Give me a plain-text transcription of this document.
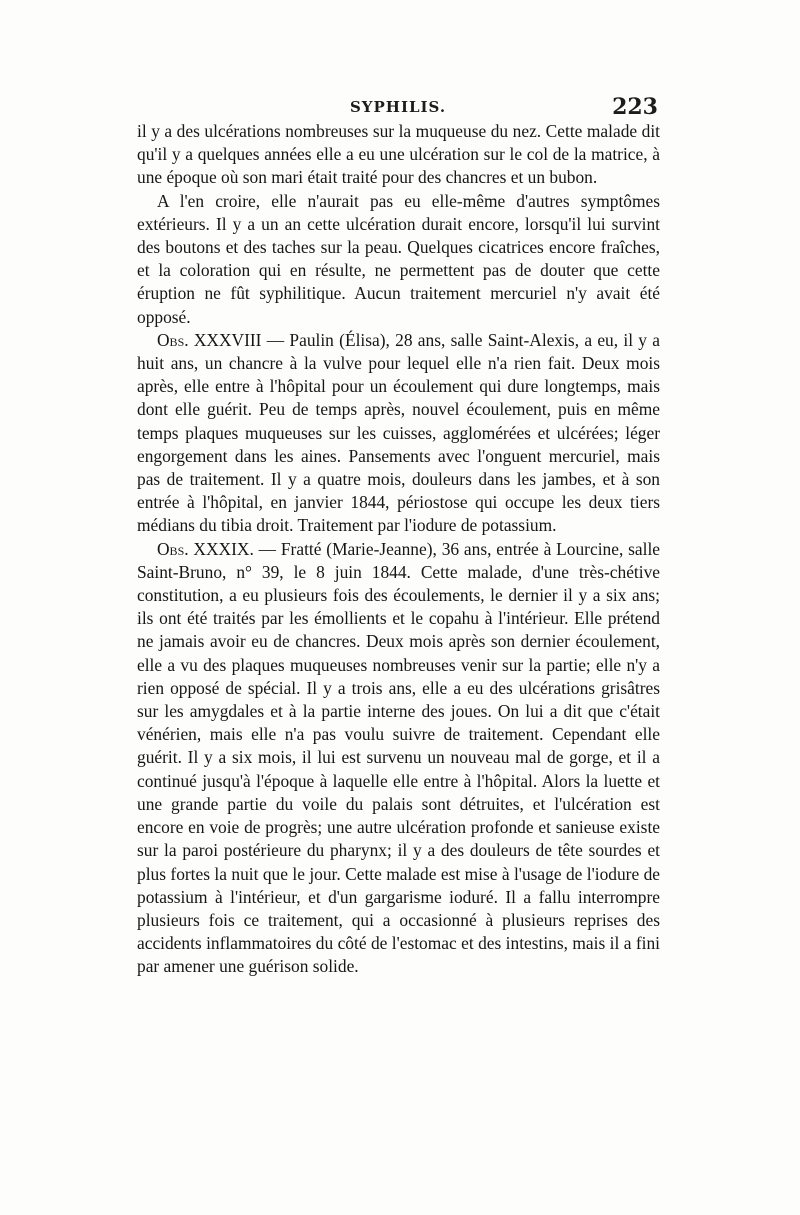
SYPHILIS.	223

il y a des ulcérations nombreuses sur la muqueuse du nez. Cette malade dit qu'il y a quelques années elle a eu une ulcération sur le col de la matrice, à une époque où son mari était traité pour des chancres et un bubon.

A l'en croire, elle n'aurait pas eu elle-même d'autres symptômes extérieurs. Il y a un an cette ulcération durait encore, lorsqu'il lui survint des boutons et des taches sur la peau. Quelques cicatrices encore fraîches, et la coloration qui en résulte, ne permettent pas de douter que cette éruption ne fût syphilitique. Aucun traitement mercuriel n'y avait été opposé.

Obs. XXXVIII — Paulin (Élisa), 28 ans, salle Saint-Alexis, a eu, il y a huit ans, un chancre à la vulve pour lequel elle n'a rien fait. Deux mois après, elle entre à l'hôpital pour un écoulement qui dure longtemps, mais dont elle guérit. Peu de temps après, nouvel écoulement, puis en même temps plaques muqueuses sur les cuisses, agglomérées et ulcérées; léger engorgement dans les aines. Pansements avec l'onguent mercuriel, mais pas de traitement. Il y a quatre mois, douleurs dans les jambes, et à son entrée à l'hôpital, en janvier 1844, périostose qui occupe les deux tiers médians du tibia droit. Traitement par l'iodure de potassium.

Obs. XXXIX. — Fratté (Marie-Jeanne), 36 ans, entrée à Lourcine, salle Saint-Bruno, n° 39, le 8 juin 1844. Cette malade, d'une très-chétive constitution, a eu plusieurs fois des écoulements, le dernier il y a six ans; ils ont été traités par les émollients et le copahu à l'intérieur. Elle prétend ne jamais avoir eu de chancres. Deux mois après son dernier écoulement, elle a vu des plaques muqueuses nombreuses venir sur la partie; elle n'y a rien opposé de spécial. Il y a trois ans, elle a eu des ulcérations grisâtres sur les amygdales et à la partie interne des joues. On lui a dit que c'était vénérien, mais elle n'a pas voulu suivre de traitement. Cependant elle guérit. Il y a six mois, il lui est survenu un nouveau mal de gorge, et il a continué jusqu'à l'époque à laquelle elle entre à l'hôpital. Alors la luette et une grande partie du voile du palais sont détruites, et l'ulcération est encore en voie de progrès; une autre ulcération profonde et sanieuse existe sur la paroi postérieure du pharynx; il y a des douleurs de tête sourdes et plus fortes la nuit que le jour. Cette malade est mise à l'usage de l'iodure de potassium à l'intérieur, et d'un gargarisme ioduré. Il a fallu interrompre plusieurs fois ce traitement, qui a occasionné à plusieurs reprises des accidents inflammatoires du côté de l'estomac et des intestins, mais il a fini par amener une guérison solide.
